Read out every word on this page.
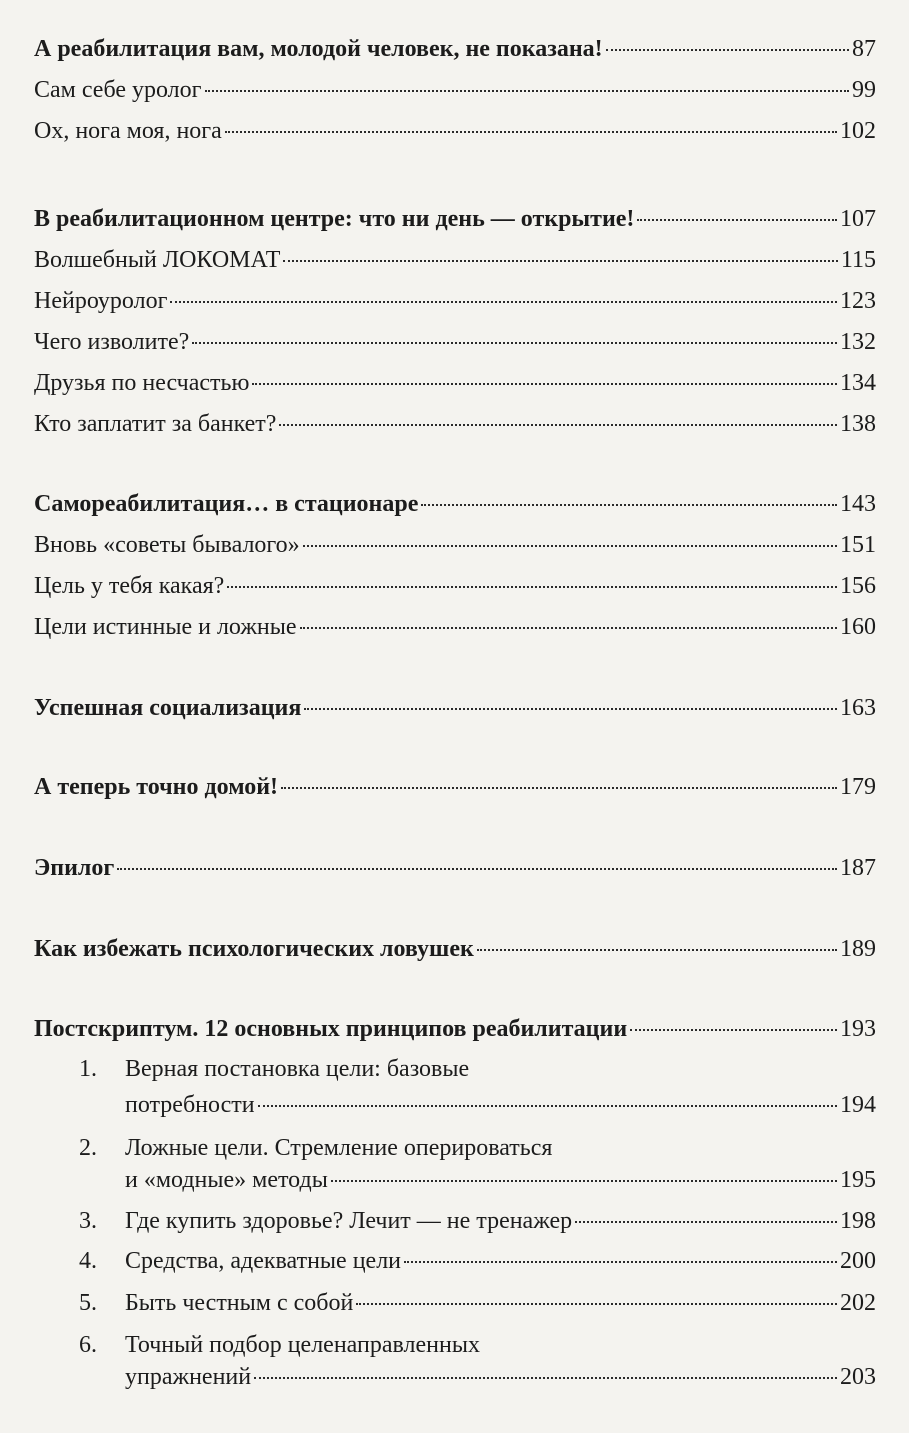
А реабилитация вам, молодой человек, не показана!	87
Сам себе уролог	99
Ох, нога моя, нога	102
В реабилитационном центре: что ни день — открытие!	107
Волшебный ЛОКОМАТ	115
Нейроуролог	123
Чего изволите?	132
Друзья по несчастью	134
Кто заплатит за банкет?	138
Самореабилитация… в стационаре	143
Вновь «советы бывалого»	151
Цель у тебя какая?	156
Цели истинные и ложные	160
Успешная социализация	163
А теперь точно домой!	179
Эпилог	187
Как избежать психологических ловушек	189
Постскриптум. 12 основных принципов реабилитации	193
1. Верная постановка цели: базовые
потребности	194
2. Ложные цели. Стремление оперироваться
и «модные» методы	195
3. Где купить здоровье? Лечит — не тренажер	198
4. Средства, адекватные цели	200
5. Быть честным с собой	202
6. Точный подбор целенаправленных
упражнений	203
